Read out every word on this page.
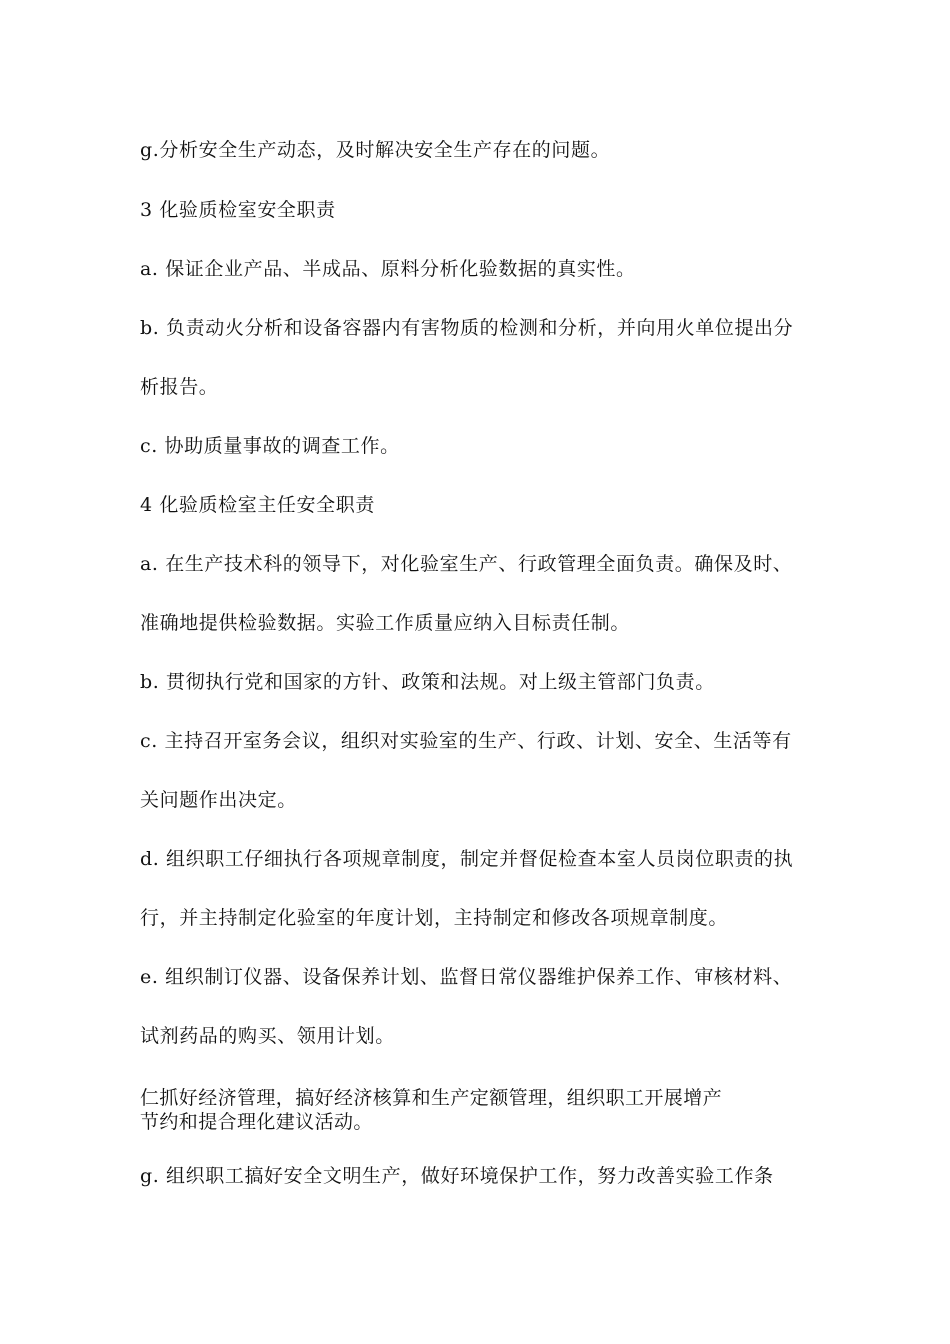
g.分析安全生产动态，及时解决安全生产存在的问题。
3 化验质检室安全职责
a. 保证企业产品、半成品、原料分析化验数据的真实性。
b. 负责动火分析和设备容器内有害物质的检测和分析，并向用火单位提出分
析报告。
c. 协助质量事故的调查工作。
4 化验质检室主任安全职责
a. 在生产技术科的领导下，对化验室生产、行政管理全面负责。确保及时、
准确地提供检验数据。实验工作质量应纳入目标责任制。
b. 贯彻执行党和国家的方针、政策和法规。对上级主管部门负责。
c. 主持召开室务会议，组织对实验室的生产、行政、计划、安全、生活等有
关问题作出决定。
d. 组织职工仔细执行各项规章制度，制定并督促检查本室人员岗位职责的执
行，并主持制定化验室的年度计划，主持制定和修改各项规章制度。
e. 组织制订仪器、设备保养计划、监督日常仪器维护保养工作、审核材料、
试剂药品的购买、领用计划。
仁抓好经济管理，搞好经济核算和生产定额管理，组织职工开展增产
节约和提合理化建议活动。
g. 组织职工搞好安全文明生产，做好环境保护工作，努力改善实验工作条
